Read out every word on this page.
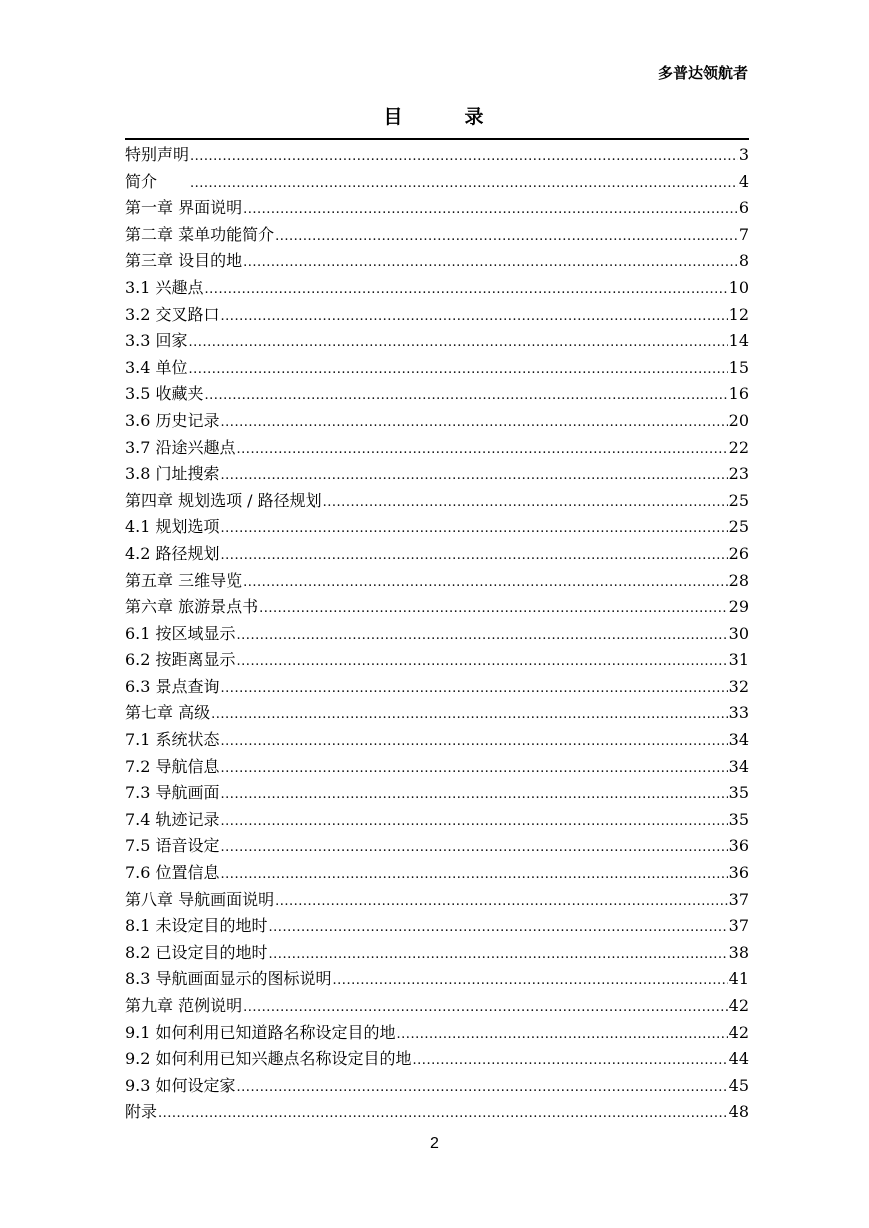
多普达领航者
目	录
特别声明 .....	3
简介　　 .....	4
第一章 界面说明 .....	6
第二章 菜单功能简介 .....	7
第三章 设目的地 .....	8
3.1 兴趣点 .....	10
3.2 交叉路口 .....	12
3.3 回家 .....	14
3.4 单位 .....	15
3.5 收藏夹 .....	16
3.6 历史记录 .....	20
3.7 沿途兴趣点 .....	22
3.8 门址搜索 .....	23
第四章 规划选项 / 路径规划 .....	25
4.1 规划选项 .....	25
4.2 路径规划 .....	26
第五章 三维导览 .....	28
第六章 旅游景点书 .....	29
6.1 按区域显示 .....	30
6.2 按距离显示 .....	31
6.3 景点查询 .....	32
第七章 高级 .....	33
7.1 系统状态 .....	34
7.2 导航信息 .....	34
7.3 导航画面 .....	35
7.4 轨迹记录 .....	35
7.5 语音设定 .....	36
7.6 位置信息 .....	36
第八章 导航画面说明 .....	37
8.1 未设定目的地时 .....	37
8.2 已设定目的地时 .....	38
8.3 导航画面显示的图标说明 .....	41
第九章 范例说明 .....	42
9.1 如何利用已知道路名称设定目的地 .....	42
9.2 如何利用已知兴趣点名称设定目的地 .....	44
9.3 如何设定家 .....	45
附录 .....	48
2
